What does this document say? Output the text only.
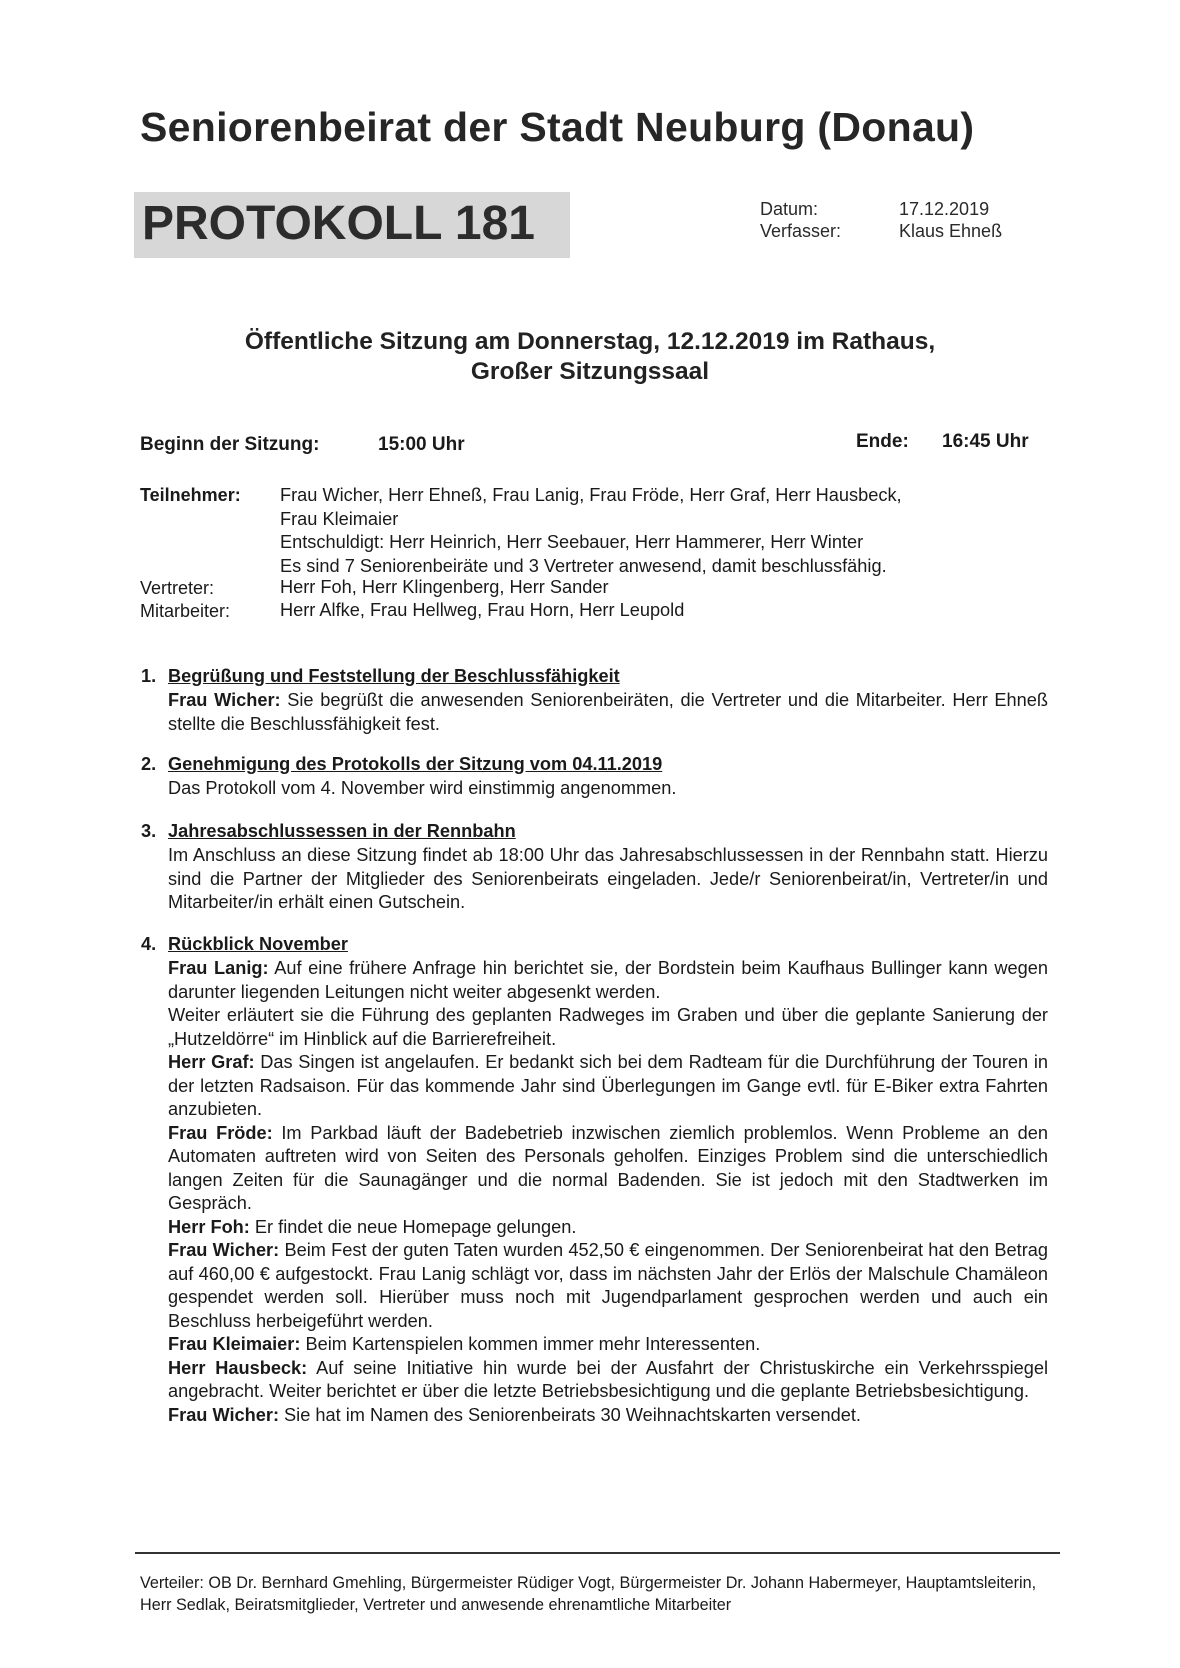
Seniorenbeirat der Stadt Neuburg (Donau)
PROTOKOLL 181	Datum:	17.12.2019
Verfasser:	Klaus Ehneß
Öffentliche Sitzung am Donnerstag, 12.12.2019 im Rathaus,
Großer Sitzungssaal
Beginn der Sitzung:	15:00 Uhr	Ende: 16:45 Uhr
Teilnehmer: Frau Wicher, Herr Ehneß, Frau Lanig, Frau Fröde, Herr Graf, Herr Hausbeck,
Frau Kleimaier
Entschuldigt: Herr Heinrich, Herr Seebauer, Herr Hammerer, Herr Winter
Es sind 7 Seniorenbeiräte und 3 Vertreter anwesend, damit beschlussfähig.
Vertreter:	Herr Foh, Herr Klingenberg, Herr Sander
Mitarbeiter:	Herr Alfke, Frau Hellweg, Frau Horn, Herr Leupold
1. Begrüßung und Feststellung der Beschlussfähigkeit
Frau Wicher: Sie begrüßt die anwesenden Seniorenbeiräten, die Vertreter und die Mitarbeiter. Herr Ehneß stellte die Beschlussfähigkeit fest.
2. Genehmigung des Protokolls der Sitzung vom 04.11.2019
Das Protokoll vom 4. November wird einstimmig angenommen.
3. Jahresabschlussessen in der Rennbahn
Im Anschluss an diese Sitzung findet ab 18:00 Uhr das Jahresabschlussessen in der Rennbahn statt. Hierzu sind die Partner der Mitglieder des Seniorenbeirats eingeladen. Jede/r Seniorenbeirat/in, Vertreter/in und Mitarbeiter/in erhält einen Gutschein.
4. Rückblick November
Frau Lanig: Auf eine frühere Anfrage hin berichtet sie, der Bordstein beim Kaufhaus Bullinger kann wegen darunter liegenden Leitungen nicht weiter abgesenkt werden.
Weiter erläutert sie die Führung des geplanten Radweges im Graben und über die geplante Sanierung der „Hutzeldörre“ im Hinblick auf die Barrierefreiheit.
Herr Graf: Das Singen ist angelaufen. Er bedankt sich bei dem Radteam für die Durchführung der Touren in der letzten Radsaison. Für das kommende Jahr sind Überlegungen im Gange evtl. für E-Biker extra Fahrten anzubieten.
Frau Fröde: Im Parkbad läuft der Badebetrieb inzwischen ziemlich problemlos. Wenn Probleme an den Automaten auftreten wird von Seiten des Personals geholfen. Einziges Problem sind die unterschiedlich langen Zeiten für die Saunagänger und die normal Badenden. Sie ist jedoch mit den Stadtwerken im Gespräch.
Herr Foh: Er findet die neue Homepage gelungen.
Frau Wicher: Beim Fest der guten Taten wurden 452,50 € eingenommen. Der Seniorenbeirat hat den Betrag auf 460,00 € aufgestockt. Frau Lanig schlägt vor, dass im nächsten Jahr der Erlös der Malschule Chamäleon gespendet werden soll. Hierüber muss noch mit Jugendparlament gesprochen werden und auch ein Beschluss herbeigeführt werden.
Frau Kleimaier: Beim Kartenspielen kommen immer mehr Interessenten.
Herr Hausbeck: Auf seine Initiative hin wurde bei der Ausfahrt der Christuskirche ein Verkehrsspiegel angebracht. Weiter berichtet er über die letzte Betriebsbesichtigung und die geplante Betriebsbesichtigung.
Frau Wicher: Sie hat im Namen des Seniorenbeirats 30 Weihnachtskarten versendet.
Verteiler: OB Dr. Bernhard Gmehling, Bürgermeister Rüdiger Vogt, Bürgermeister Dr. Johann Habermeyer, Hauptamtsleiterin, Herr Sedlak, Beiratsmitglieder, Vertreter und anwesende ehrenamtliche Mitarbeiter
